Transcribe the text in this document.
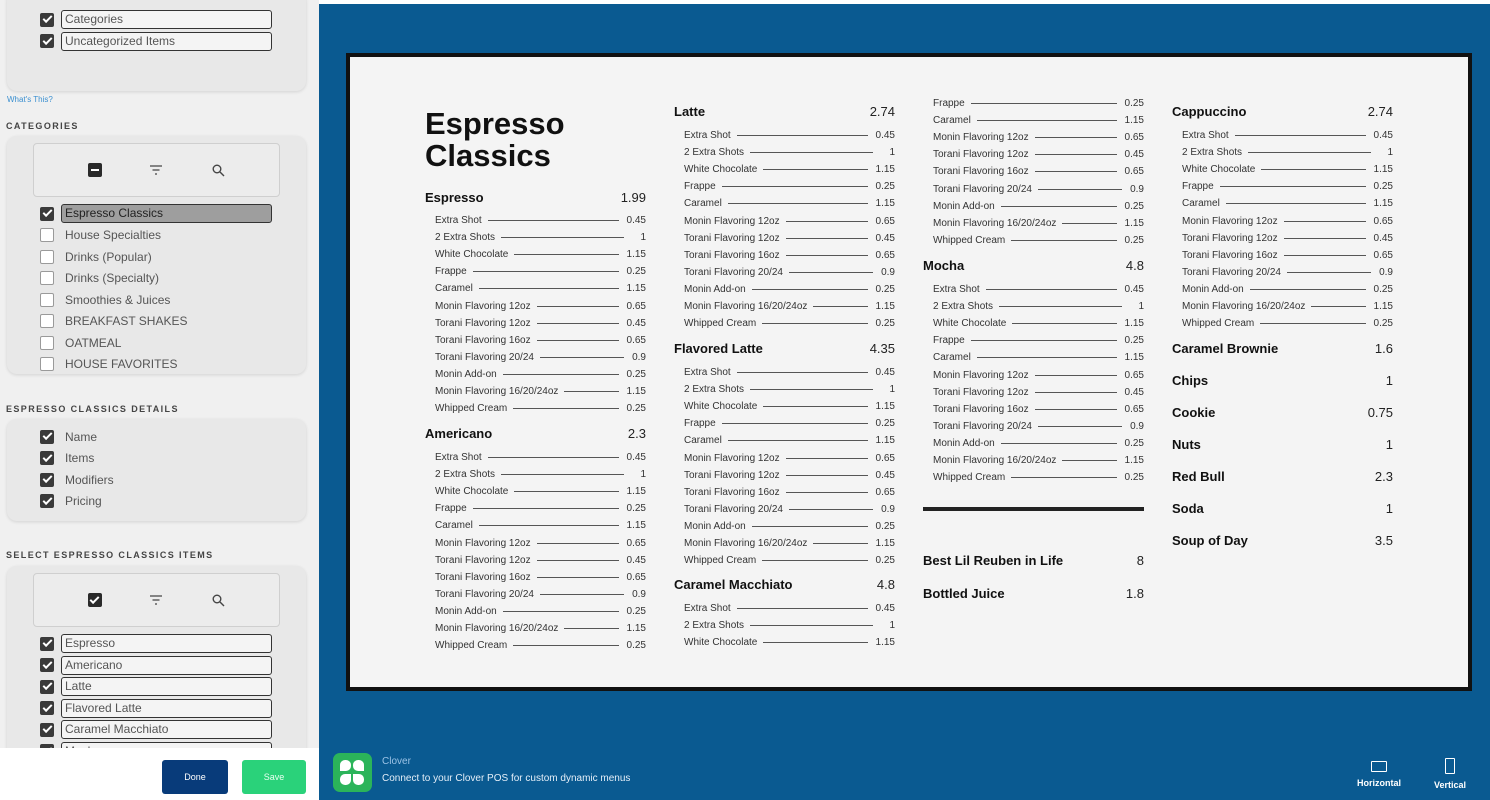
Categories
Uncategorized Items
What's This?
CATEGORIES
Espresso Classics
House Specialties
Drinks (Popular)
Drinks (Specialty)
Smoothies & Juices
BREAKFAST SHAKES
OATMEAL
HOUSE FAVORITES
ESPRESSO CLASSICS DETAILS
Name
Items
Modifiers
Pricing
SELECT ESPRESSO CLASSICS ITEMS
Espresso
Americano
Latte
Flavored Latte
Caramel Macchiato
Done	Save
Espresso Classics
Espresso	1.99
Extra Shot	0.45
2 Extra Shots	1
White Chocolate	1.15
Frappe	0.25
Caramel	1.15
Monin Flavoring 12oz	0.65
Torani Flavoring 12oz	0.45
Torani Flavoring 16oz	0.65
Torani Flavoring 20/24	0.9
Monin Add-on	0.25
Monin Flavoring 16/20/24oz	1.15
Whipped Cream	0.25
Americano	2.3
Extra Shot	0.45
2 Extra Shots	1
White Chocolate	1.15
Frappe	0.25
Caramel	1.15
Monin Flavoring 12oz	0.65
Torani Flavoring 12oz	0.45
Torani Flavoring 16oz	0.65
Torani Flavoring 20/24	0.9
Monin Add-on	0.25
Monin Flavoring 16/20/24oz	1.15
Whipped Cream	0.25
Latte	2.74
Extra Shot	0.45
2 Extra Shots	1
White Chocolate	1.15
Frappe	0.25
Caramel	1.15
Monin Flavoring 12oz	0.65
Torani Flavoring 12oz	0.45
Torani Flavoring 16oz	0.65
Torani Flavoring 20/24	0.9
Monin Add-on	0.25
Monin Flavoring 16/20/24oz	1.15
Whipped Cream	0.25
Flavored Latte	4.35
Extra Shot	0.45
2 Extra Shots	1
White Chocolate	1.15
Frappe	0.25
Caramel	1.15
Monin Flavoring 12oz	0.65
Torani Flavoring 12oz	0.45
Torani Flavoring 16oz	0.65
Torani Flavoring 20/24	0.9
Monin Add-on	0.25
Monin Flavoring 16/20/24oz	1.15
Whipped Cream	0.25
Caramel Macchiato	4.8
Extra Shot	0.45
2 Extra Shots	1
White Chocolate	1.15
Frappe	0.25
Caramel	1.15
Monin Flavoring 12oz	0.65
Torani Flavoring 12oz	0.45
Torani Flavoring 16oz	0.65
Torani Flavoring 20/24	0.9
Monin Add-on	0.25
Monin Flavoring 16/20/24oz	1.15
Whipped Cream	0.25
Mocha	4.8
Extra Shot	0.45
2 Extra Shots	1
White Chocolate	1.15
Frappe	0.25
Caramel	1.15
Monin Flavoring 12oz	0.65
Torani Flavoring 12oz	0.45
Torani Flavoring 16oz	0.65
Torani Flavoring 20/24	0.9
Monin Add-on	0.25
Monin Flavoring 16/20/24oz	1.15
Whipped Cream	0.25
Best Lil Reuben in Life	8
Bottled Juice	1.8
Cappuccino	2.74
Extra Shot	0.45
2 Extra Shots	1
White Chocolate	1.15
Frappe	0.25
Caramel	1.15
Monin Flavoring 12oz	0.65
Torani Flavoring 12oz	0.45
Torani Flavoring 16oz	0.65
Torani Flavoring 20/24	0.9
Monin Add-on	0.25
Monin Flavoring 16/20/24oz	1.15
Whipped Cream	0.25
Caramel Brownie	1.6
Chips	1
Cookie	0.75
Nuts	1
Red Bull	2.3
Soda	1
Soup of Day	3.5
Clover
Connect to your Clover POS for custom dynamic menus	Horizontal	Vertical
